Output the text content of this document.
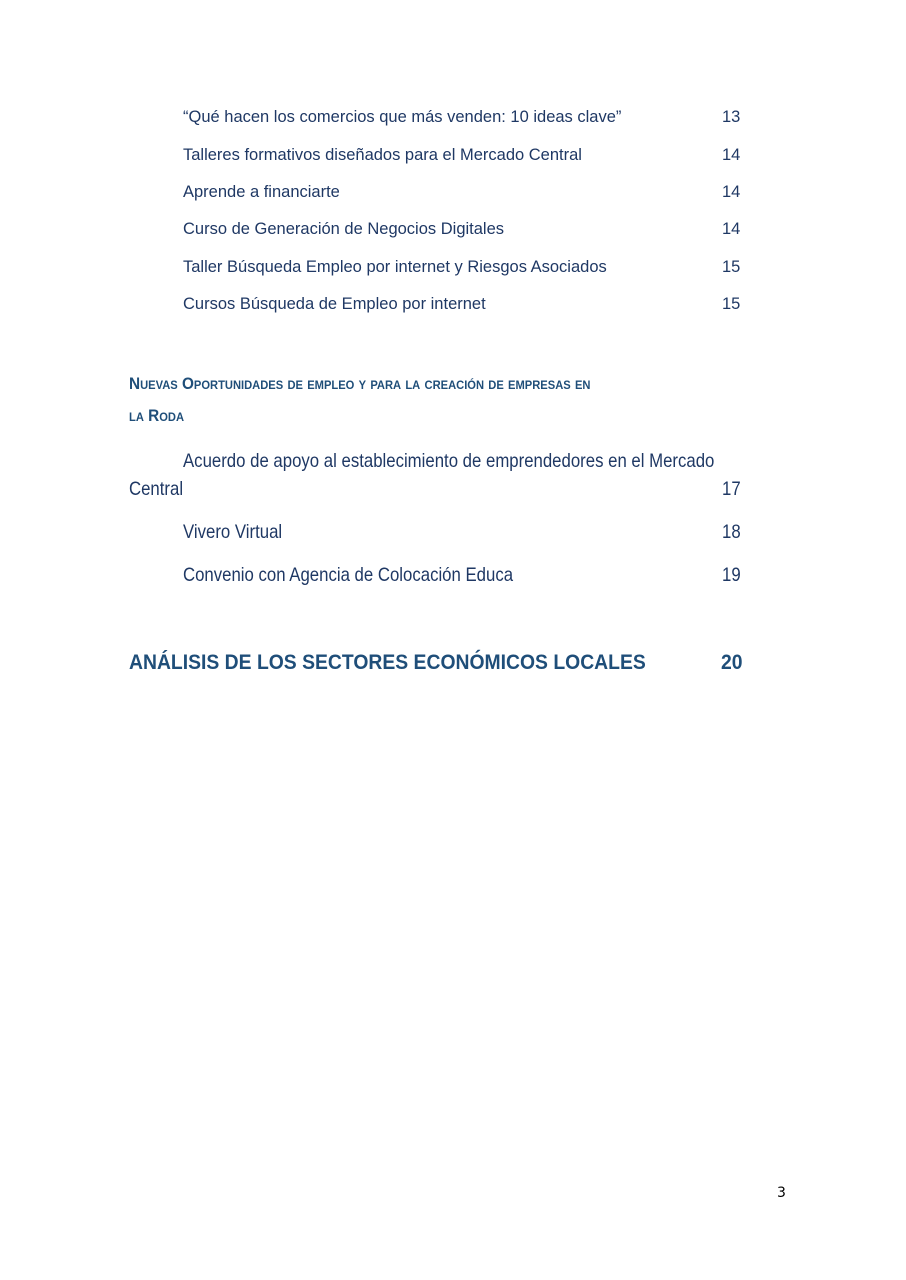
“Qué hacen los comercios que más venden: 10 ideas clave”	13
Talleres formativos diseñados para el Mercado Central	14
Aprende a financiarte	14
Curso de Generación de Negocios Digitales	14
Taller Búsqueda Empleo por internet y Riesgos Asociados	15
Cursos Búsqueda de Empleo por internet	15
Nuevas Oportunidades de empleo y para la creación de empresas en
la Roda
Acuerdo de apoyo al establecimiento de emprendedores en el Mercado
Central	17
Vivero Virtual	18
Convenio con Agencia de Colocación Educa	19
ANÁLISIS DE LOS SECTORES ECONÓMICOS LOCALES	20
3
